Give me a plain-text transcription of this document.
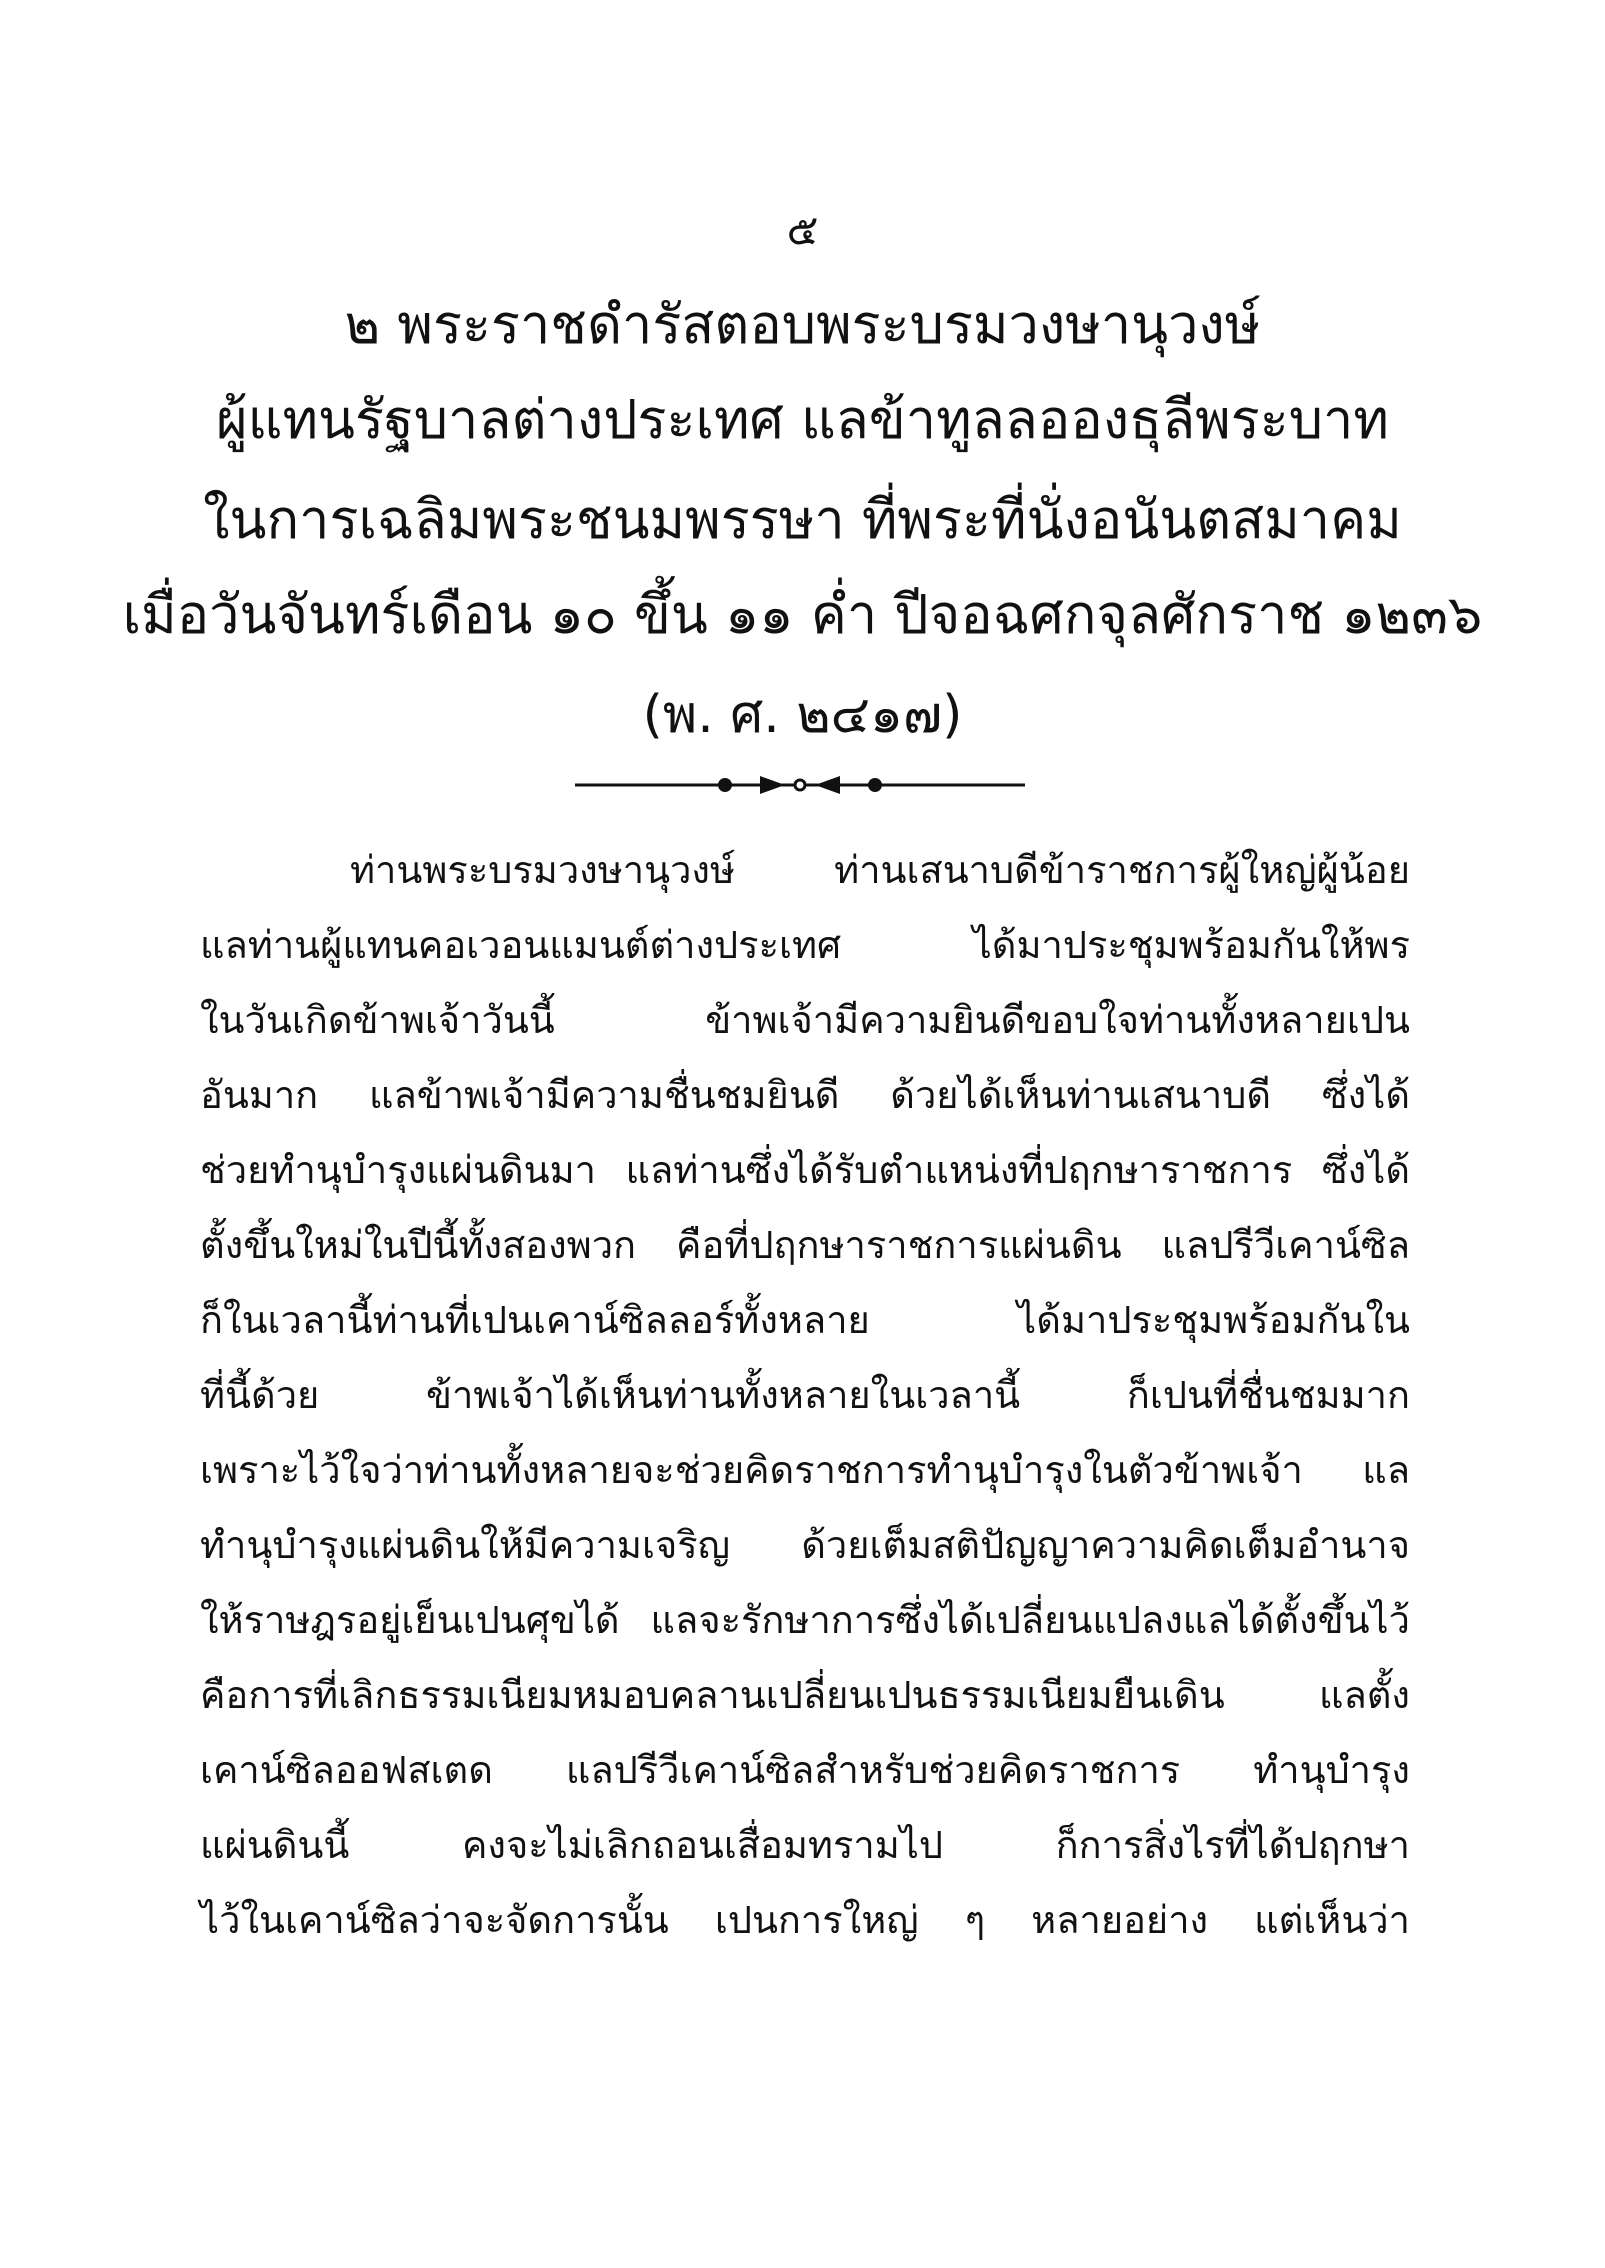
๕
๒ พระราชดำรัสตอบพระบรมวงษานุวงษ์
ผู้แทนรัฐบาลต่างประเทศ แลข้าทูลลอองธุลีพระบาท
ในการเฉลิมพระชนมพรรษา ที่พระที่นั่งอนันตสมาคม
เมื่อวันจันทร์เดือน ๑๐ ขึ้น ๑๑ ค่ำ ปีจอฉศกจุลศักราช ๑๒๓๖
(พ. ศ. ๒๔๑๗)
ท่านพระบรมวงษานุวงษ์ ท่านเสนาบดีข้าราชการผู้ใหญ่ผู้น้อย
แลท่านผู้แทนคอเวอนแมนต์ต่างประเทศ ได้มาประชุมพร้อมกันให้พร
ในวันเกิดข้าพเจ้าวันนี้ ข้าพเจ้ามีความยินดีขอบใจท่านทั้งหลายเปน
อันมาก แลข้าพเจ้ามีความชื่นชมยินดี ด้วยได้เห็นท่านเสนาบดี ซึ่งได้
ช่วยทำนุบำรุงแผ่นดินมา แลท่านซึ่งได้รับตำแหน่งที่ปฤกษาราชการ ซึ่งได้
ตั้งขึ้นใหม่ในปีนี้ทั้งสองพวก คือที่ปฤกษาราชการแผ่นดิน แลปรีวีเคาน์ซิล
ก็ในเวลานี้ท่านที่เปนเคาน์ซิลลอร์ทั้งหลาย ได้มาประชุมพร้อมกันใน
ที่นี้ด้วย ข้าพเจ้าได้เห็นท่านทั้งหลายในเวลานี้ ก็เปนที่ชื่นชมมาก
เพราะไว้ใจว่าท่านทั้งหลายจะช่วยคิดราชการทำนุบำรุงในตัวข้าพเจ้า แล
ทำนุบำรุงแผ่นดินให้มีความเจริญ ด้วยเต็มสติปัญญาความคิดเต็มอำนาจ
ให้ราษฎรอยู่เย็นเปนศุขได้ แลจะรักษาการซึ่งได้เปลี่ยนแปลงแลได้ตั้งขึ้นไว้
คือการที่เลิกธรรมเนียมหมอบคลานเปลี่ยนเปนธรรมเนียมยืนเดิน แลตั้ง
เคาน์ซิลออฟสเตด แลปรีวีเคาน์ซิลสำหรับช่วยคิดราชการ ทำนุบำรุง
แผ่นดินนี้ คงจะไม่เลิกถอนเสื่อมทรามไป ก็การสิ่งไรที่ได้ปฤกษา
ไว้ในเคาน์ซิลว่าจะจัดการนั้น เปนการใหญ่ ๆ หลายอย่าง แต่เห็นว่า
